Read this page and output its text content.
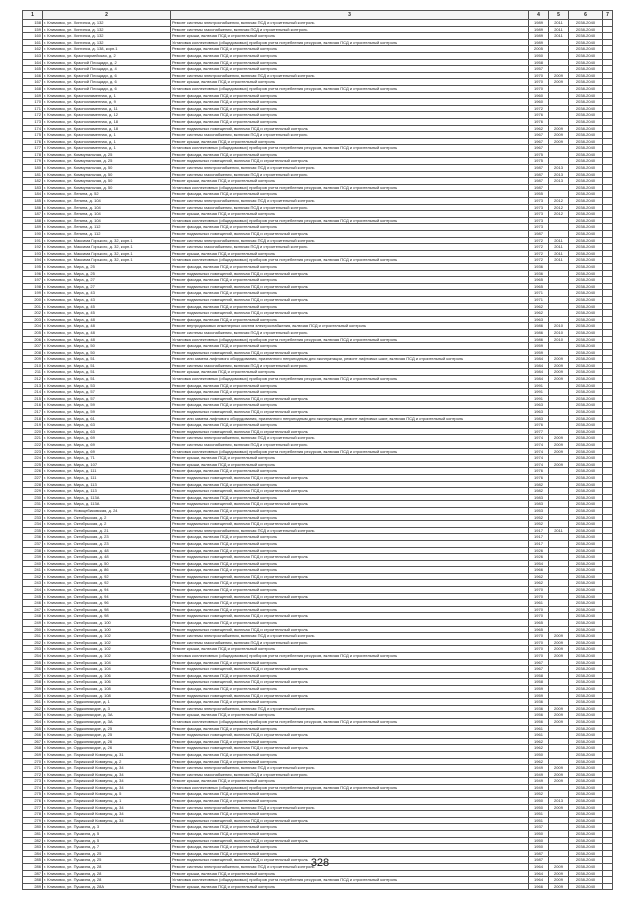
1	2	3	4	5	6	7
158	г. Климовск, ул. Хиггинса, д. 132	Ремонт системы электроснабжения, включая ПСД и строительный контроль	1989	2011	2038-2040	
159	г. Климовск, ул. Хиггинса, д. 132	Ремонт системы газоснабжения, включая ПСД и строительный контроль	1989	2011	2038-2040	
160	г. Климовск, ул. Хиггинса, д. 132	Ремонт крыши, включая ПСД и строительный контроль	1989	2011	2038-2040	
161	г. Климовск, ул. Хиггинса, д. 132	Установка коллективных (общедомовых) приборов учета потребления ресурсов, включая ПСД и строительный контроль	1989		2038-2040	
162	г. Климовск, ул. Хиггинса, д. 138, корп.1	Ремонт фасада, включая ПСД и строительный контроль	2005		2038-2040	
163	г. Климовск, ул. Красноармейская, д. 2	Ремонт фасада, включая ПСД и строительный контроль	1950		2038-2040	
164	г. Климовск, ул. Красной Площади, д. 2	Ремонт фасада, включая ПСД и строительный контроль	1958		2038-2040	
165	г. Климовск, ул. Красной Площади, д. 4	Ремонт фасада, включая ПСД и строительный контроль	1957		2038-2040	
166	г. Климовск, ул. Красной Площади, д. 6	Ремонт системы электроснабжения, включая ПСД и строительный контроль	1970	2009	2038-2040	
167	г. Климовск, ул. Красной Площади, д. 6	Ремонт крыши, включая ПСД и строительный контроль	1970	2009	2038-2040	
168	г. Климовск, ул. Красной Площади, д. 6	Установка коллективных (общедомовых) приборов учета потребления ресурсов, включая ПСД и строительный контроль	1970		2038-2040	
169	г. Климовск, ул. Краснознаменная, д. 1	Ремонт фасада, включая ПСД и строительный контроль	1960		2038-2040	
170	г. Климовск, ул. Краснознаменная, д. 9	Ремонт фасада, включая ПСД и строительный контроль	1960		2038-2040	
171	г. Климовск, ул. Краснознаменная, д. 11	Ремонт фасада, включая ПСД и строительный контроль	1972		2038-2040	
172	г. Климовск, ул. Краснознаменная, д. 12	Ремонт фасада, включая ПСД и строительный контроль	1976		2038-2040	
173	г. Климовск, ул. Краснознаменная, д. 18	Ремонт фасада, включая ПСД и строительный контроль	1976		2038-2040	
174	г. Климовск, ул. Краснознаменная, д. 18	Ремонт подвальных помещений, включая ПСД и строительный контроль	1962	2009	2038-2040	
175	г. Климовск, ул. Краснознаменная, д. 1	Ремонт системы газоснабжения, включая ПСД и строительный контроль	1967	2009	2038-2040	
176	г. Климовск, ул. Краснознаменная, д. 1	Ремонт крыши, включая ПСД и строительный контроль	1967	2009	2038-2040	
177	г. Климовск, ул. Краснознаменная, д. 1	Установка коллективных (общедомовых) приборов учета потребления ресурсов, включая ПСД и строительный контроль	1967		2038-2040	
178	г. Климовск, ул. Коммунальная, д. 25	Ремонт фасада, включая ПСД и строительный контроль	1975		2038-2040	
179	г. Климовск, ул. Коммунальная, д. 25	Ремонт подвальных помещений, включая ПСД и строительный контроль	1975		2038-2040	
180	г. Климовск, ул. Коммунальная, д. 50	Ремонт системы электроснабжения, включая ПСД и строительный контроль	1987	2013	2038-2040	
181	г. Климовск, ул. Коммунальная, д. 50	Ремонт системы газоснабжения, включая ПСД и строительный контроль	1987	2013	2038-2040	
182	г. Климовск, ул. Коммунальная, д. 50	Ремонт крыши, включая ПСД и строительный контроль	1987	2013	2038-2040	
183	г. Климовск, ул. Коммунальная, д. 50	Установка коллективных (общедомовых) приборов учета потребления ресурсов, включая ПСД и строительный контроль	1987		2038-2040	
184	г. Климовск, ул. Ленина, д. 52	Ремонт фасада, включая ПСД и строительный контроль	1955		2038-2040	
185	г. Климовск, ул. Ленина, д. 104	Ремонт системы электроснабжения, включая ПСД и строительный контроль	1973	2012	2038-2040	
186	г. Климовск, ул. Ленина, д. 104	Ремонт системы газоснабжения, включая ПСД и строительный контроль	1973	2012	2038-2040	
187	г. Климовск, ул. Ленина, д. 104	Ремонт крыши, включая ПСД и строительный контроль	1973	2012	2038-2040	
188	г. Климовск, ул. Ленина, д. 104	Установка коллективных (общедомовых) приборов учета потребления ресурсов, включая ПСД и строительный контроль	1973		2038-2040	
189	г. Климовск, ул. Ленина, д. 112	Ремонт фасада, включая ПСД и строительный контроль	1973		2038-2040	
190	г. Климовск, ул. Ленина, д. 112	Ремонт подвальных помещений, включая ПСД и строительный контроль	1987		2038-2040	
191	г. Климовск, ул. Максима Горького, д. 32, корп.1	Ремонт системы электроснабжения, включая ПСД и строительный контроль	1972	2011	2038-2040	
192	г. Климовск, ул. Максима Горького, д. 32, корп.1	Ремонт системы газоснабжения, включая ПСД и строительный контроль	1972	2011	2038-2040	
193	г. Климовск, ул. Максима Горького, д. 32, корп.1	Ремонт крыши, включая ПСД и строительный контроль	1972	2011	2038-2040	
194	г. Климовск, ул. Максима Горького, д. 32, корп.1	Установка коллективных (общедомовых) приборов учета потребления ресурсов, включая ПСД и строительный контроль	1972	2011	2038-2040	
195	г. Климовск, ул. Мира, д. 25	Ремонт фасада, включая ПСД и строительный контроль	1936		2038-2040	
196	г. Климовск, ул. Мира, д. 25	Ремонт подвальных помещений, включая ПСД и строительный контроль	1936		2038-2040	
197	г. Климовск, ул. Мира, д. 27	Ремонт фасада, включая ПСД и строительный контроль	1965		2038-2040	
198	г. Климовск, ул. Мира, д. 27	Ремонт подвальных помещений, включая ПСД и строительный контроль	1965		2038-2040	
199	г. Климовск, ул. Мира, д. 43	Ремонт фасада, включая ПСД и строительный контроль	1971		2038-2040	
200	г. Климовск, ул. Мира, д. 43	Ремонт подвальных помещений, включая ПСД и строительный контроль	1971		2038-2040	
201	г. Климовск, ул. Мира, д. 45	Ремонт фасада, включая ПСД и строительный контроль	1962		2038-2040	
202	г. Климовск, ул. Мира, д. 45	Ремонт подвальных помещений, включая ПСД и строительный контроль	1962		2038-2040	
203	г. Климовск, ул. Мира, д. 48	Ремонт фасада, включая ПСД и строительный контроль	1963		2038-2040	
204	г. Климовск, ул. Мира, д. 48	Ремонт внутридомовых инженерных систем электроснабжения, включая ПСД и строительный контроль	1986	2010	2038-2040	
205	г. Климовск, ул. Мира, д. 48	Ремонт системы газоснабжения, включая ПСД и строительный контроль	1986	2010	2038-2040	
206	г. Климовск, ул. Мира, д. 48	Установка коллективных (общедомовых) приборов учета потребления ресурсов, включая ПСД и строительный контроль	1986	2010	2038-2040	
207	г. Климовск, ул. Мира, д. 50	Ремонт фасада, включая ПСД и строительный контроль	1959		2038-2040	
208	г. Климовск, ул. Мира, д. 50	Ремонт подвальных помещений, включая ПСД и строительный контроль	1959		2038-2040	
209	г. Климовск, ул. Мира, д. 51	Ремонт или замена лифтового оборудования, признанного непригодным для эксплуатации, ремонт лифтовых шахт, включая ПСД и строительный контроль	1984	2009	2038-2040	
210	г. Климовск, ул. Мира, д. 51	Ремонт системы газоснабжения, включая ПСД и строительный контроль	1984	2009	2038-2040	
211	г. Климовск, ул. Мира, д. 51	Ремонт крыши, включая ПСД и строительный контроль	1984	2009	2038-2040	
212	г. Климовск, ул. Мира, д. 51	Установка коллективных (общедомовых) приборов учета потребления ресурсов, включая ПСД и строительный контроль	1984	2009	2038-2040	
213	г. Климовск, ул. Мира, д. 53	Ремонт фасада, включая ПСД и строительный контроль	1991		2038-2040	
214	г. Климовск, ул. Мира, д. 57	Ремонт фасада, включая ПСД и строительный контроль	1991		2038-2040	
215	г. Климовск, ул. Мира, д. 57	Ремонт подвальных помещений, включая ПСД и строительный контроль	1991		2038-2040	
216	г. Климовск, ул. Мира, д. 59	Ремонт фасада, включая ПСД и строительный контроль	1963		2038-2040	
217	г. Климовск, ул. Мира, д. 59	Ремонт подвальных помещений, включая ПСД и строительный контроль	1963		2038-2040	
218	г. Климовск, ул. Мира, д. 61	Ремонт или замена лифтового оборудования, признанного непригодным для эксплуатации, ремонт лифтовых шахт, включая ПСД и строительный контроль	1983		2038-2040	
219	г. Климовск, ул. Мира, д. 63	Ремонт фасада, включая ПСД и строительный контроль	1976		2038-2040	
220	г. Климовск, ул. Мира, д. 63	Ремонт подвальных помещений, включая ПСД и строительный контроль	1977		2038-2040	
221	г. Климовск, ул. Мира, д. 69	Ремонт системы электроснабжения, включая ПСД и строительный контроль	1974	2009	2038-2040	
222	г. Климовск, ул. Мира, д. 69	Ремонт системы газоснабжения, включая ПСД и строительный контроль	1974	2009	2038-2040	
223	г. Климовск, ул. Мира, д. 69	Установка коллективных (общедомовых) приборов учета потребления ресурсов, включая ПСД и строительный контроль	1974	2009	2038-2040	
224	г. Климовск, ул. Мира, д. 71	Ремонт крыши, включая ПСД и строительный контроль	1974		2038-2040	
225	г. Климовск, ул. Мира, д. 107	Ремонт крыши, включая ПСД и строительный контроль	1974	2009	2038-2040	
226	г. Климовск, ул. Мира, д. 111	Ремонт фасада, включая ПСД и строительный контроль	1976		2038-2040	
227	г. Климовск, ул. Мира, д. 111	Ремонт подвальных помещений, включая ПСД и строительный контроль	1976		2038-2040	
228	г. Климовск, ул. Мира, д. 113	Ремонт фасада, включая ПСД и строительный контроль	1982		2038-2040	
229	г. Климовск, ул. Мира, д. 113	Ремонт подвальных помещений, включая ПСД и строительный контроль	1982		2038-2040	
230	г. Климовск, ул. Мира, д. 113А	Ремонт фасада, включая ПСД и строительный контроль	1983		2038-2040	
231	г. Климовск, ул. Мира, д. 113А	Ремонт подвальных помещений, включая ПСД и строительный контроль	1983		2038-2040	
232	г. Климовск, ул. Новоцебиковская, д. 24	Ремонт фасада, включая ПСД и строительный контроль	1953		2038-2040	
233	г. Климовск, ул. Октябрьская, д. 2	Ремонт фасада, включая ПСД и строительный контроль	1952		2038-2040	
234	г. Климовск, ул. Октябрьская, д. 2	Ремонт подвальных помещений, включая ПСД и строительный контроль	1952		2038-2040	
235	г. Климовск, ул. Октябрьская, д. 21	Ремонт системы электроснабжения, включая ПСД и строительный контроль	1917	2011	2038-2040	
236	г. Климовск, ул. Октябрьская, д. 23	Ремонт фасада, включая ПСД и строительный контроль	1917		2038-2040	
237	г. Климовск, ул. Октябрьская, д. 23	Ремонт фасада, включая ПСД и строительный контроль	1917		2038-2040	
238	г. Климовск, ул. Октябрьская, д. 48	Ремонт фасада, включая ПСД и строительный контроль	1926		2038-2040	
239	г. Климовск, ул. Октябрьская, д. 48	Ремонт подвальных помещений, включая ПСД и строительный контроль	1926		2038-2040	
240	г. Климовск, ул. Октябрьская, д. 50	Ремонт фасада, включая ПСД и строительный контроль	1954		2038-2040	
241	г. Климовск, ул. Октябрьская, д. 86	Ремонт фасада, включая ПСД и строительный контроль	1966		2038-2040	
242	г. Климовск, ул. Октябрьская, д. 92	Ремонт подвальных помещений, включая ПСД и строительный контроль	1962		2038-2040	
243	г. Климовск, ул. Октябрьская, д. 92	Ремонт фасада, включая ПСД и строительный контроль	1962		2038-2040	
244	г. Климовск, ул. Октябрьская, д. 94	Ремонт фасада, включая ПСД и строительный контроль	1970		2038-2040	
245	г. Климовск, ул. Октябрьская, д. 94	Ремонт подвальных помещений, включая ПСД и строительный контроль	1970		2038-2040	
246	г. Климовск, ул. Октябрьская, д. 96	Ремонт фасада, включая ПСД и строительный контроль	1961		2038-2040	
247	г. Климовск, ул. Октябрьская, д. 98	Ремонт фасада, включая ПСД и строительный контроль	1970		2038-2040	
248	г. Климовск, ул. Октябрьская, д. 98	Ремонт подвальных помещений, включая ПСД и строительный контроль	1970		2038-2040	
249	г. Климовск, ул. Октябрьская, д. 100	Ремонт фасада, включая ПСД и строительный контроль	1965		2038-2040	
250	г. Климовск, ул. Октябрьская, д. 100	Ремонт подвальных помещений, включая ПСД и строительный контроль	1965		2038-2040	
251	г. Климовск, ул. Октябрьская, д. 102	Ремонт системы электроснабжения, включая ПСД и строительный контроль	1970	2009	2038-2040	
252	г. Климовск, ул. Октябрьская, д. 102	Ремонт системы газоснабжения, включая ПСД и строительный контроль	1970	2009	2038-2040	
253	г. Климовск, ул. Октябрьская, д. 102	Ремонт крыши, включая ПСД и строительный контроль	1970	2009	2038-2040	
254	г. Климовск, ул. Октябрьская, д. 102	Установка коллективных (общедомовых) приборов учета потребления ресурсов, включая ПСД и строительный контроль	1970	2009	2038-2040	
255	г. Климовск, ул. Октябрьская, д. 104	Ремонт фасада, включая ПСД и строительный контроль	1967		2038-2040	
256	г. Климовск, ул. Октябрьская, д. 104	Ремонт подвальных помещений, включая ПСД и строительный контроль	1967		2038-2040	
257	г. Климовск, ул. Октябрьская, д. 106	Ремонт фасада, включая ПСД и строительный контроль	1958		2038-2040	
258	г. Климовск, ул. Октябрьская, д. 106	Ремонт подвальных помещений, включая ПСД и строительный контроль	1958		2038-2040	
259	г. Климовск, ул. Октябрьская, д. 108	Ремонт фасада, включая ПСД и строительный контроль	1959		2038-2040	
260	г. Климовск, ул. Октябрьская, д. 108	Ремонт подвальных помещений, включая ПСД и строительный контроль	1959		2038-2040	
261	г. Климовск, ул. Орджоникидзе, д. 1	Ремонт фасада, включая ПСД и строительный контроль	1936		2038-2040	
262	г. Климовск, ул. Орджоникидзе, д. 3	Ремонт системы электроснабжения, включая ПСД и строительный контроль	1936	2009	2038-2040	
263	г. Климовск, ул. Орджоникидзе, д. 3А	Ремонт крыши, включая ПСД и строительный контроль	1956	2009	2038-2040	
264	г. Климовск, ул. Орджоникидзе, д. 3А	Установка коллективных (общедомовых) приборов учета потребления ресурсов, включая ПСД и строительный контроль	1956	2009	2038-2040	
265	г. Климовск, ул. Орджоникидзе, д. 25	Ремонт фасада, включая ПСД и строительный контроль	1961		2038-2040	
266	г. Климовск, ул. Орджоникидзе, д. 25	Ремонт подвальных помещений, включая ПСД и строительный контроль	1961		2038-2040	
267	г. Климовск, ул. Орджоникидзе, д. 26	Ремонт фасада, включая ПСД и строительный контроль	1962		2038-2040	
268	г. Климовск, ул. Орджоникидзе, д. 26	Ремонт подвальных помещений, включая ПСД и строительный контроль	1962		2038-2040	
269	г. Климовск, ул. Парижской Коммуны, д. 31	Ремонт фасада, включая ПСД и строительный контроль	1950		2038-2040	
270	г. Климовск, ул. Парижской Коммуны, д. 2	Ремонт фасада, включая ПСД и строительный контроль	1962		2038-2040	
271	г. Климовск, ул. Парижской Коммуны, д. 34	Ремонт системы электроснабжения, включая ПСД и строительный контроль	1949	2009	2038-2040	
272	г. Климовск, ул. Парижской Коммуны, д. 34	Ремонт системы газоснабжения, включая ПСД и строительный контроль	1949	2009	2038-2040	
273	г. Климовск, ул. Парижской Коммуны, д. 34	Ремонт крыши, включая ПСД и строительный контроль	1949	2009	2038-2040	
274	г. Климовск, ул. Парижской Коммуны, д. 34	Установка коллективных (общедомовых) приборов учета потребления ресурсов, включая ПСД и строительный контроль	1949		2038-2040	
275	г. Климовск, ул. Парижской Коммуны, д. 5	Ремонт фасада, включая ПСД и строительный контроль	1952		2038-2040	
276	г. Климовск, ул. Парижской Коммуны, д. 1	Ремонт фасада, включая ПСД и строительный контроль	1950	2013	2038-2040	
277	г. Климовск, ул. Парижской Коммуны, д. 34	Ремонт системы электроснабжения, включая ПСД и строительный контроль	1950	2009	2038-2040	
278	г. Климовск, ул. Парижской Коммуны, д. 34	Ремонт фасада, включая ПСД и строительный контроль	1951		2038-2040	
279	г. Климовск, ул. Парижской Коммуны, д. 34	Ремонт подвальных помещений, включая ПСД и строительный контроль	1951		2038-2040	
280	г. Климовск, ул. Пушкина, д. 3	Ремонт фасада, включая ПСД и строительный контроль	1937		2038-2040	
281	г. Климовск, ул. Пушкина, д. 5	Ремонт фасада, включая ПСД и строительный контроль	1950		2038-2040	
282	г. Климовск, ул. Пушкина, д. 5	Ремонт подвальных помещений, включая ПСД и строительный контроль	1950		2038-2040	
283	г. Климовск, ул. Пушкина, д. 7	Ремонт фасада, включая ПСД и строительный контроль	1950		2038-2040	
284	г. Климовск, ул. Пушкина, д. 25	Ремонт фасада, включая ПСД и строительный контроль	1987		2038-2040	
285	г. Климовск, ул. Пушкина, д. 25	Ремонт подвальных помещений, включая ПСД и строительный контроль	1987		2038-2040	
286	г. Климовск, ул. Пушкина, д. 28	Ремонт системы электроснабжения, включая ПСД и строительный контроль	1964	2009	2038-2040	
287	г. Климовск, ул. Пушкина, д. 28	Ремонт крыши, включая ПСД и строительный контроль	1964	2009	2038-2040	
288	г. Климовск, ул. Пушкина, д. 28	Установка коллективных (общедомовых) приборов учета потребления ресурсов, включая ПСД и строительный контроль	1964	2009	2038-2040	
289	г. Климовск, ул. Пушкина, д. 28А	Ремонт крыши, включая ПСД и строительный контроль	1966	2009	2038-2040	
328
